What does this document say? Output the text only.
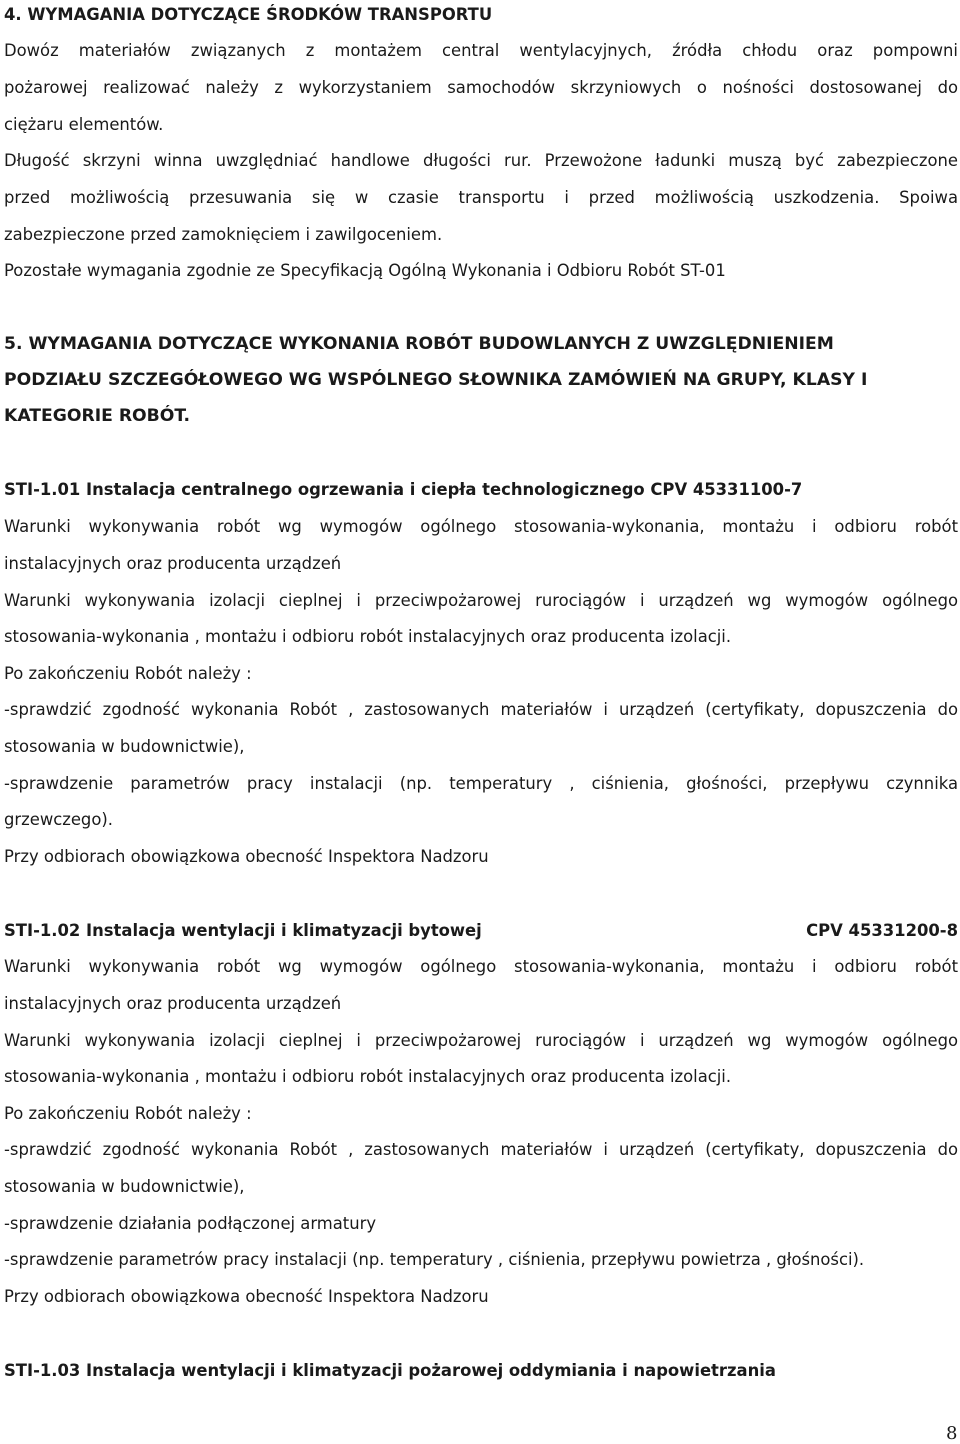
4. WYMAGANIA DOTYCZĄCE ŚRODKÓW TRANSPORTU
Dowóz materiałów związanych z montażem central wentylacyjnych, źródła chłodu oraz pompowni
pożarowej realizować należy z wykorzystaniem samochodów skrzyniowych o nośności dostosowanej do
ciężaru elementów.
Długość skrzyni winna uwzględniać handlowe długości rur. Przewożone ładunki muszą być zabezpieczone
przed możliwością przesuwania się w czasie transportu i przed możliwością uszkodzenia. Spoiwa
zabezpieczone przed zamoknięciem i zawilgoceniem.
Pozostałe wymagania zgodnie ze Specyfikacją Ogólną Wykonania i Odbioru Robót ST-01
5. WYMAGANIA DOTYCZĄCE WYKONANIA ROBÓT BUDOWLANYCH Z UWZGLĘDNIENIEM
PODZIAŁU SZCZEGÓŁOWEGO WG WSPÓLNEGO SŁOWNIKA ZAMÓWIEŃ NA GRUPY, KLASY I
KATEGORIE ROBÓT.
STI-1.01 Instalacja centralnego ogrzewania i ciepła technologicznego CPV 45331100-7
Warunki wykonywania robót wg wymogów ogólnego stosowania-wykonania, montażu i odbioru robót
instalacyjnych oraz producenta urządzeń
Warunki wykonywania izolacji cieplnej i przeciwpożarowej rurociągów i urządzeń wg wymogów ogólnego
stosowania-wykonania , montażu i odbioru robót instalacyjnych oraz producenta izolacji.
Po zakończeniu Robót należy :
-sprawdzić zgodność wykonania Robót , zastosowanych materiałów i urządzeń (certyfikaty, dopuszczenia do
stosowania w budownictwie),
-sprawdzenie parametrów pracy instalacji (np. temperatury , ciśnienia, głośności, przepływu czynnika
grzewczego).
Przy odbiorach obowiązkowa obecność Inspektora Nadzoru
STI-1.02 Instalacja wentylacji i klimatyzacji bytowej	CPV 45331200-8
Warunki wykonywania robót wg wymogów ogólnego stosowania-wykonania, montażu i odbioru robót
instalacyjnych oraz producenta urządzeń
Warunki wykonywania izolacji cieplnej i przeciwpożarowej rurociągów i urządzeń wg wymogów ogólnego
stosowania-wykonania , montażu i odbioru robót instalacyjnych oraz producenta izolacji.
Po zakończeniu Robót należy :
-sprawdzić zgodność wykonania Robót , zastosowanych materiałów i urządzeń (certyfikaty, dopuszczenia do
stosowania w budownictwie),
-sprawdzenie działania podłączonej armatury
-sprawdzenie parametrów pracy instalacji (np. temperatury , ciśnienia, przepływu powietrza , głośności).
Przy odbiorach obowiązkowa obecność Inspektora Nadzoru
STI-1.03 Instalacja wentylacji i klimatyzacji pożarowej oddymiania i napowietrzania
8
